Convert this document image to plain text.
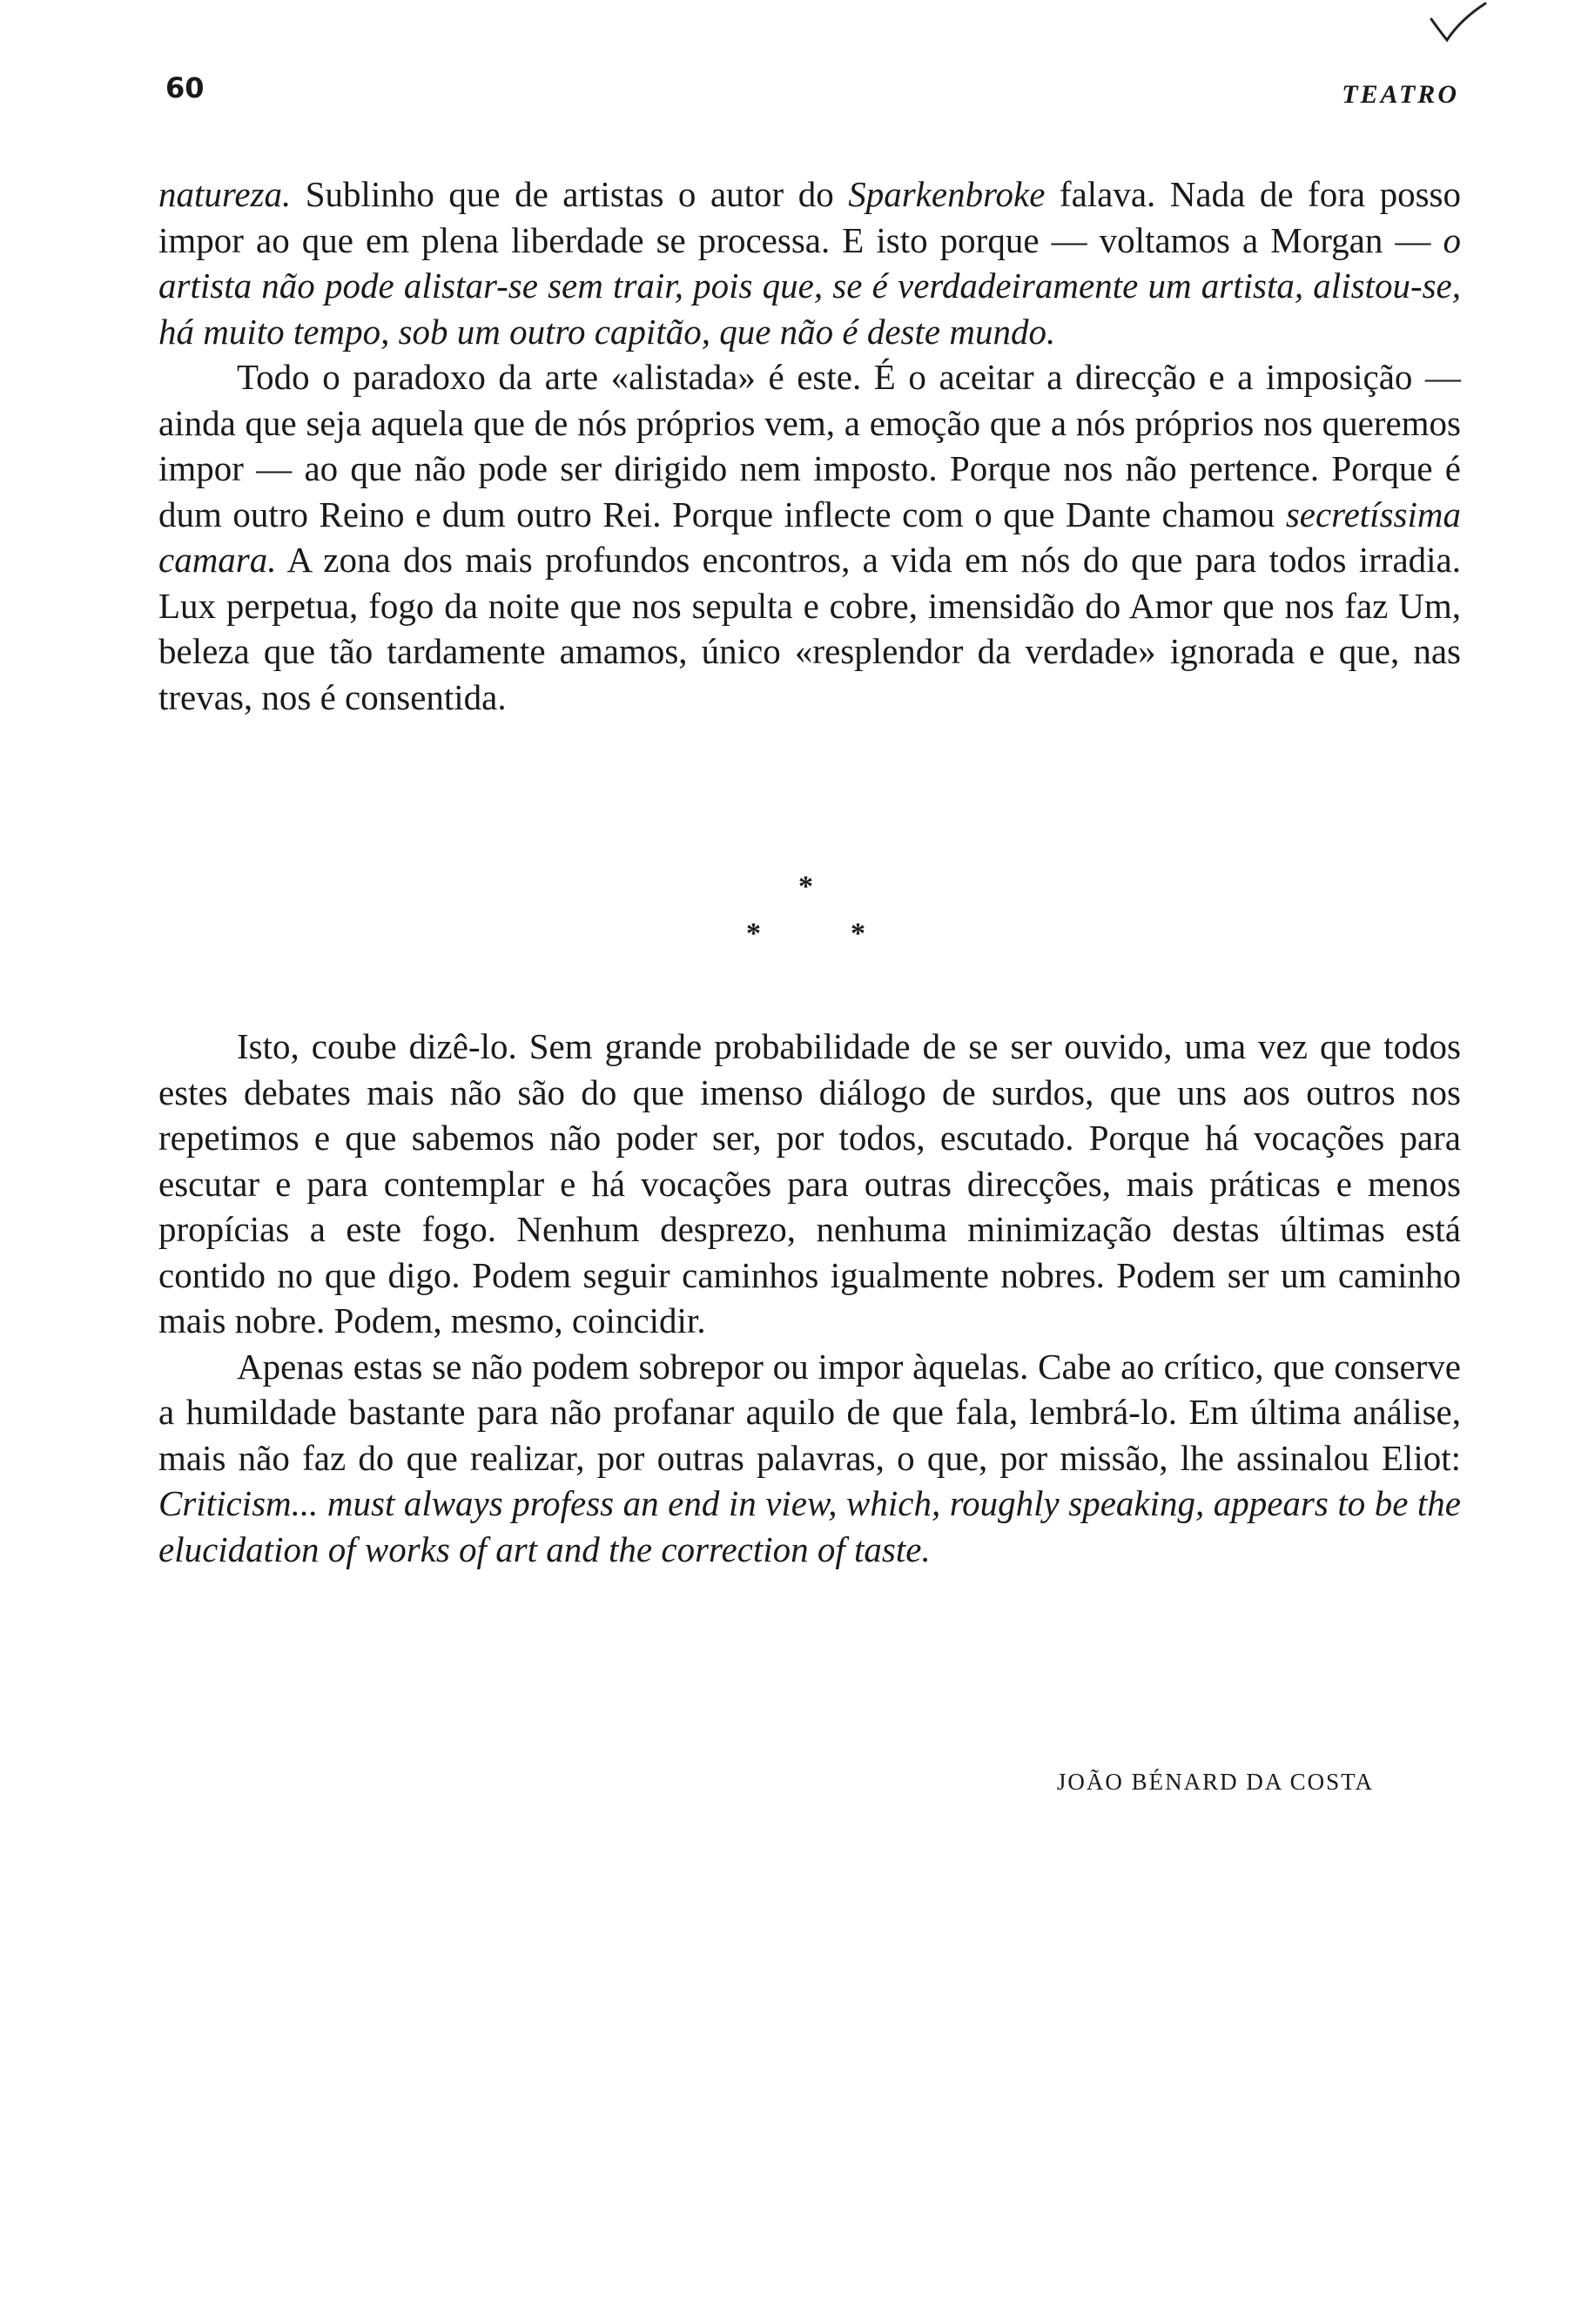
60	TEATRO

natureza. Sublinho que de artistas o autor do Sparkenbroke falava. Nada de fora posso impor ao que em plena liberdade se processa. E isto porque — voltamos a Morgan — o artista não pode alistar-se sem trair, pois que, se é verdadeiramente um artista, alistou-se, há muito tempo, sob um outro capitão, que não é deste mundo.

Todo o paradoxo da arte «alistada» é este. É o aceitar a direcção e a imposição — ainda que seja aquela que de nós próprios vem, a emoção que a nós próprios nos queremos impor — ao que não pode ser dirigido nem imposto. Porque nos não pertence. Porque é dum outro Reino e dum outro Rei. Porque inflecte com o que Dante chamou secretíssima camara. A zona dos mais profundos encontros, a vida em nós do que para todos irradia. Lux perpetua, fogo da noite que nos sepulta e cobre, imensidão do Amor que nos faz Um, beleza que tão tardamente amamos, único «resplendor da verdade» ignorada e que, nas trevas, nos é consentida.

*
*	*

Isto, coube dizê-lo. Sem grande probabilidade de se ser ouvido, uma vez que todos estes debates mais não são do que imenso diálogo de surdos, que uns aos outros nos repetimos e que sabemos não poder ser, por todos, escutado. Porque há vocações para escutar e para contemplar e há vocações para outras direcções, mais práticas e menos propícias a este fogo. Nenhum desprezo, nenhuma minimização destas últimas está contido no que digo. Podem seguir caminhos igualmente nobres. Podem ser um caminho mais nobre. Podem, mesmo, coincidir.

Apenas estas se não podem sobrepor ou impor àquelas. Cabe ao crítico, que conserve a humildade bastante para não profanar aquilo de que fala, lembrá-lo. Em última análise, mais não faz do que realizar, por outras palavras, o que, por missão, lhe assinalou Eliot: Criticism... must always profess an end in view, which, roughly speaking, appears to be the elucidation of works of art and the correction of taste.

JOÃO BÉNARD DA COSTA
